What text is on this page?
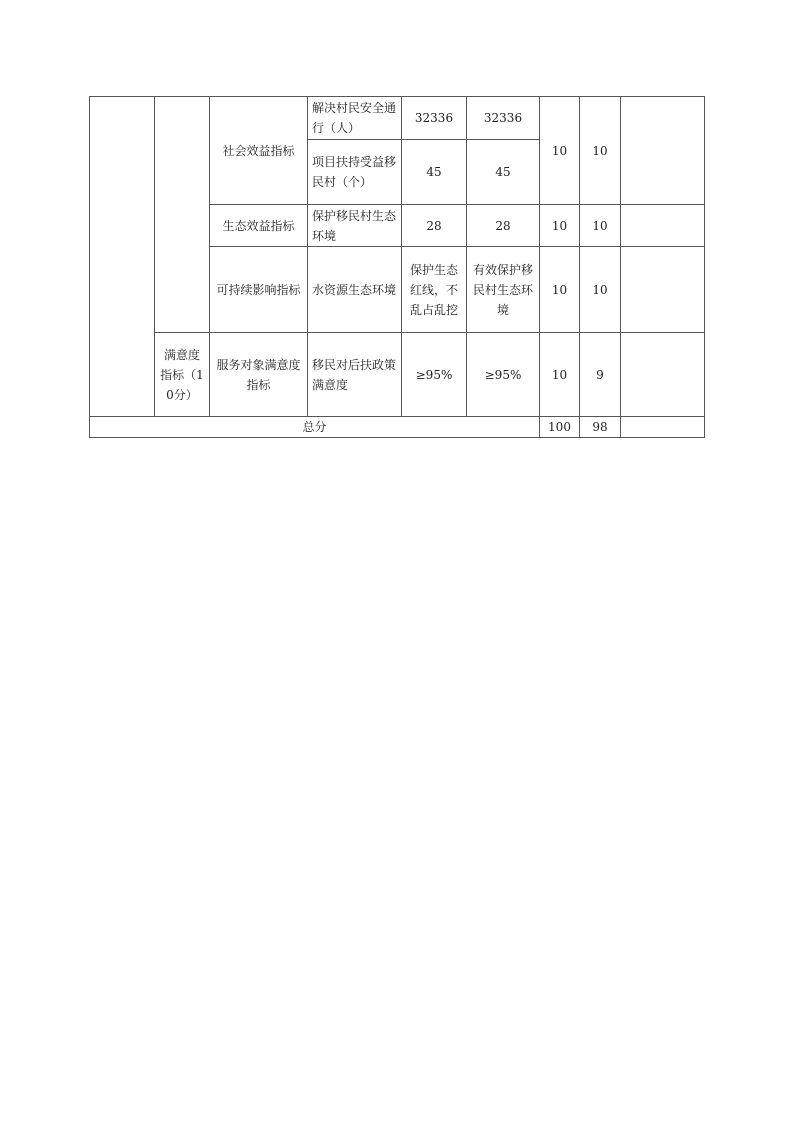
		社会效益指标	解决村民安全通行（人）	32336	32336	10	10	
			项目扶持受益移民村（个）	45	45			
		生态效益指标	保护移民村生态环境	28	28	10	10	
		可持续影响指标	水资源生态环境	保护生态红线，不乱占乱挖	有效保护移民村生态环境	10	10	
	满意度指标（10分）	服务对象满意度指标	移民对后扶政策满意度	≥95%	≥95%	10	9	
总分						100	98	
